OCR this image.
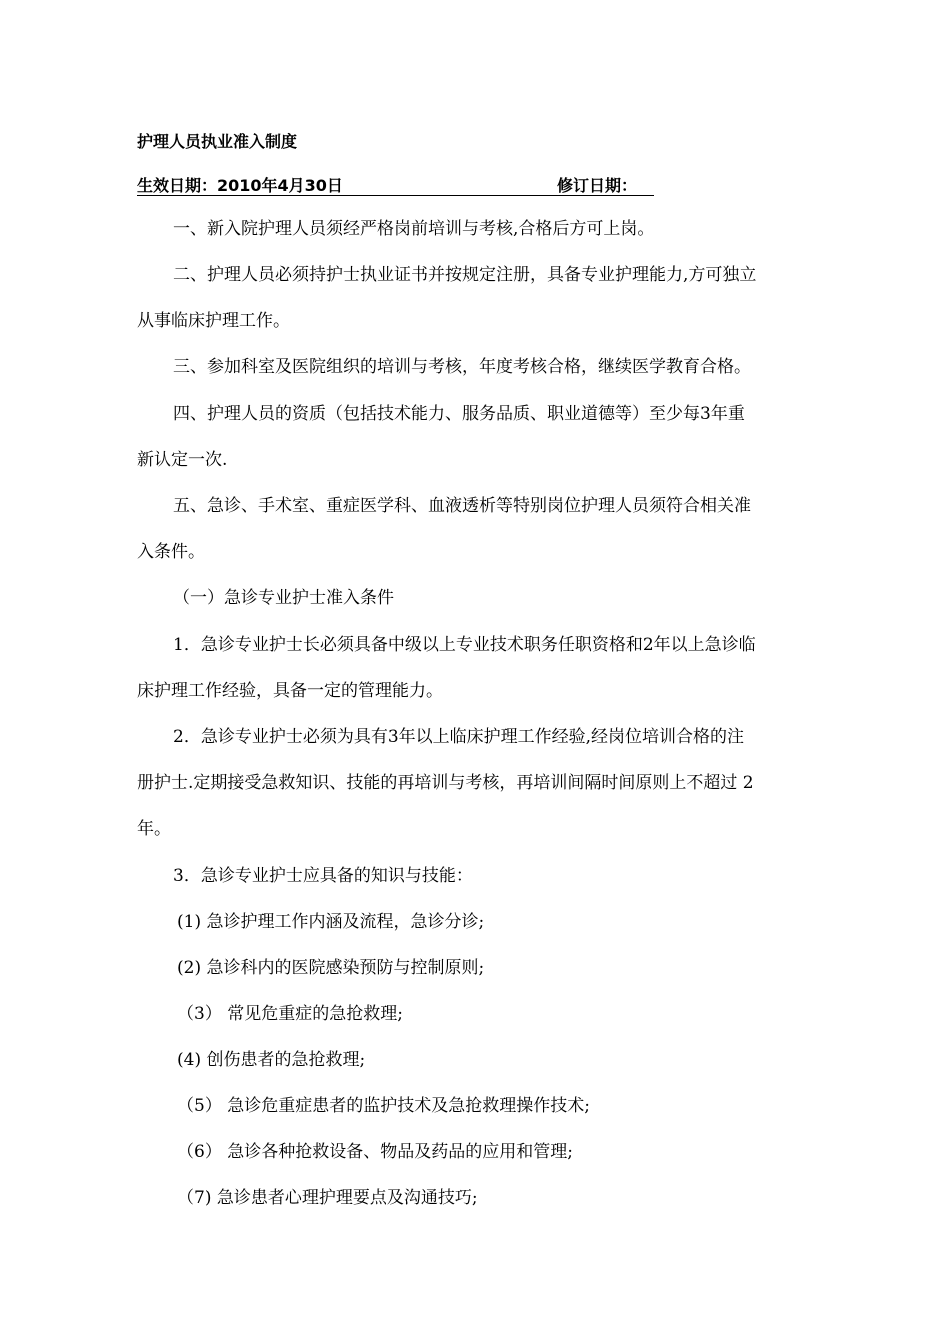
护理人员执业准入制度
生效日期：2010年4月30日	修订日期：
一、新入院护理人员须经严格岗前培训与考核,合格后方可上岗。
二、护理人员必须持护士执业证书并按规定注册，具备专业护理能力,方可独立
从事临床护理工作。
三、参加科室及医院组织的培训与考核，年度考核合格，继续医学教育合格。
四、护理人员的资质（包括技术能力、服务品质、职业道德等）至少每3年重
新认定一次.
五、急诊、手术室、重症医学科、血液透析等特别岗位护理人员须符合相关准
入条件。
（一）急诊专业护士准入条件
1．急诊专业护士长必须具备中级以上专业技术职务任职资格和2年以上急诊临
床护理工作经验，具备一定的管理能力。
2．急诊专业护士必须为具有3年以上临床护理工作经验,经岗位培训合格的注
册护士.定期接受急救知识、技能的再培训与考核，再培训间隔时间原则上不超过 2
年。
3．急诊专业护士应具备的知识与技能：
(1) 急诊护理工作内涵及流程，急诊分诊;
(2) 急诊科内的医院感染预防与控制原则;
（3） 常见危重症的急抢救理;
(4) 创伤患者的急抢救理;
（5） 急诊危重症患者的监护技术及急抢救理操作技术;
（6） 急诊各种抢救设备、物品及药品的应用和管理;
（7) 急诊患者心理护理要点及沟通技巧;
